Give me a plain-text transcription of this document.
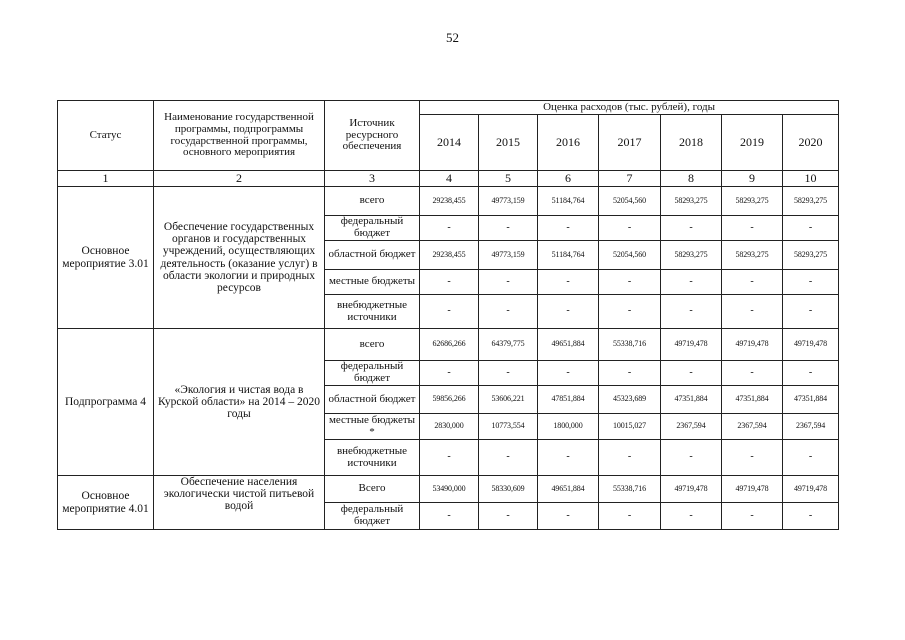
52
Статус	Наименование государственной программы, подпрограммы государственной программы, основного мероприятия	Источник ресурсного обеспечения	Оценка расходов (тыс. рублей), годы						
			2014	2015	2016	2017	2018	2019	2020
1	2	3	4	5	6	7	8	9	10
Основное мероприятие 3.01	Обеспечение государственных органов и государственных учреждений, осуществляющих деятельность (оказание услуг) в области экологии и природных ресурсов	всего	29238,455	49773,159	51184,764	52054,560	58293,275	58293,275	58293,275
		федеральный бюджет	-	-	-	-	-	-	-
		областной бюджет	29238,455	49773,159	51184,764	52054,560	58293,275	58293,275	58293,275
		местные бюджеты	-	-	-	-	-	-	-
		внебюджетные источники	-	-	-	-	-	-	-
Подпрограмма 4	«Экология и чистая вода в Курской области» на 2014 – 2020 годы	всего	62686,266	64379,775	49651,884	55338,716	49719,478	49719,478	49719,478
		федеральный бюджет	-	-	-	-	-	-	-
		областной бюджет	59856,266	53606,221	47851,884	45323,689	47351,884	47351,884	47351,884
		местные бюджеты *	2830,000	10773,554	1800,000	10015,027	2367,594	2367,594	2367,594
		внебюджетные источники	-	-	-	-	-	-	-
Основное мероприятие 4.01	Обеспечение населения экологически чистой питьевой водой	Всего	53490,000	58330,609	49651,884	55338,716	49719,478	49719,478	49719,478
		федеральный бюджет	-	-	-	-	-	-	-
